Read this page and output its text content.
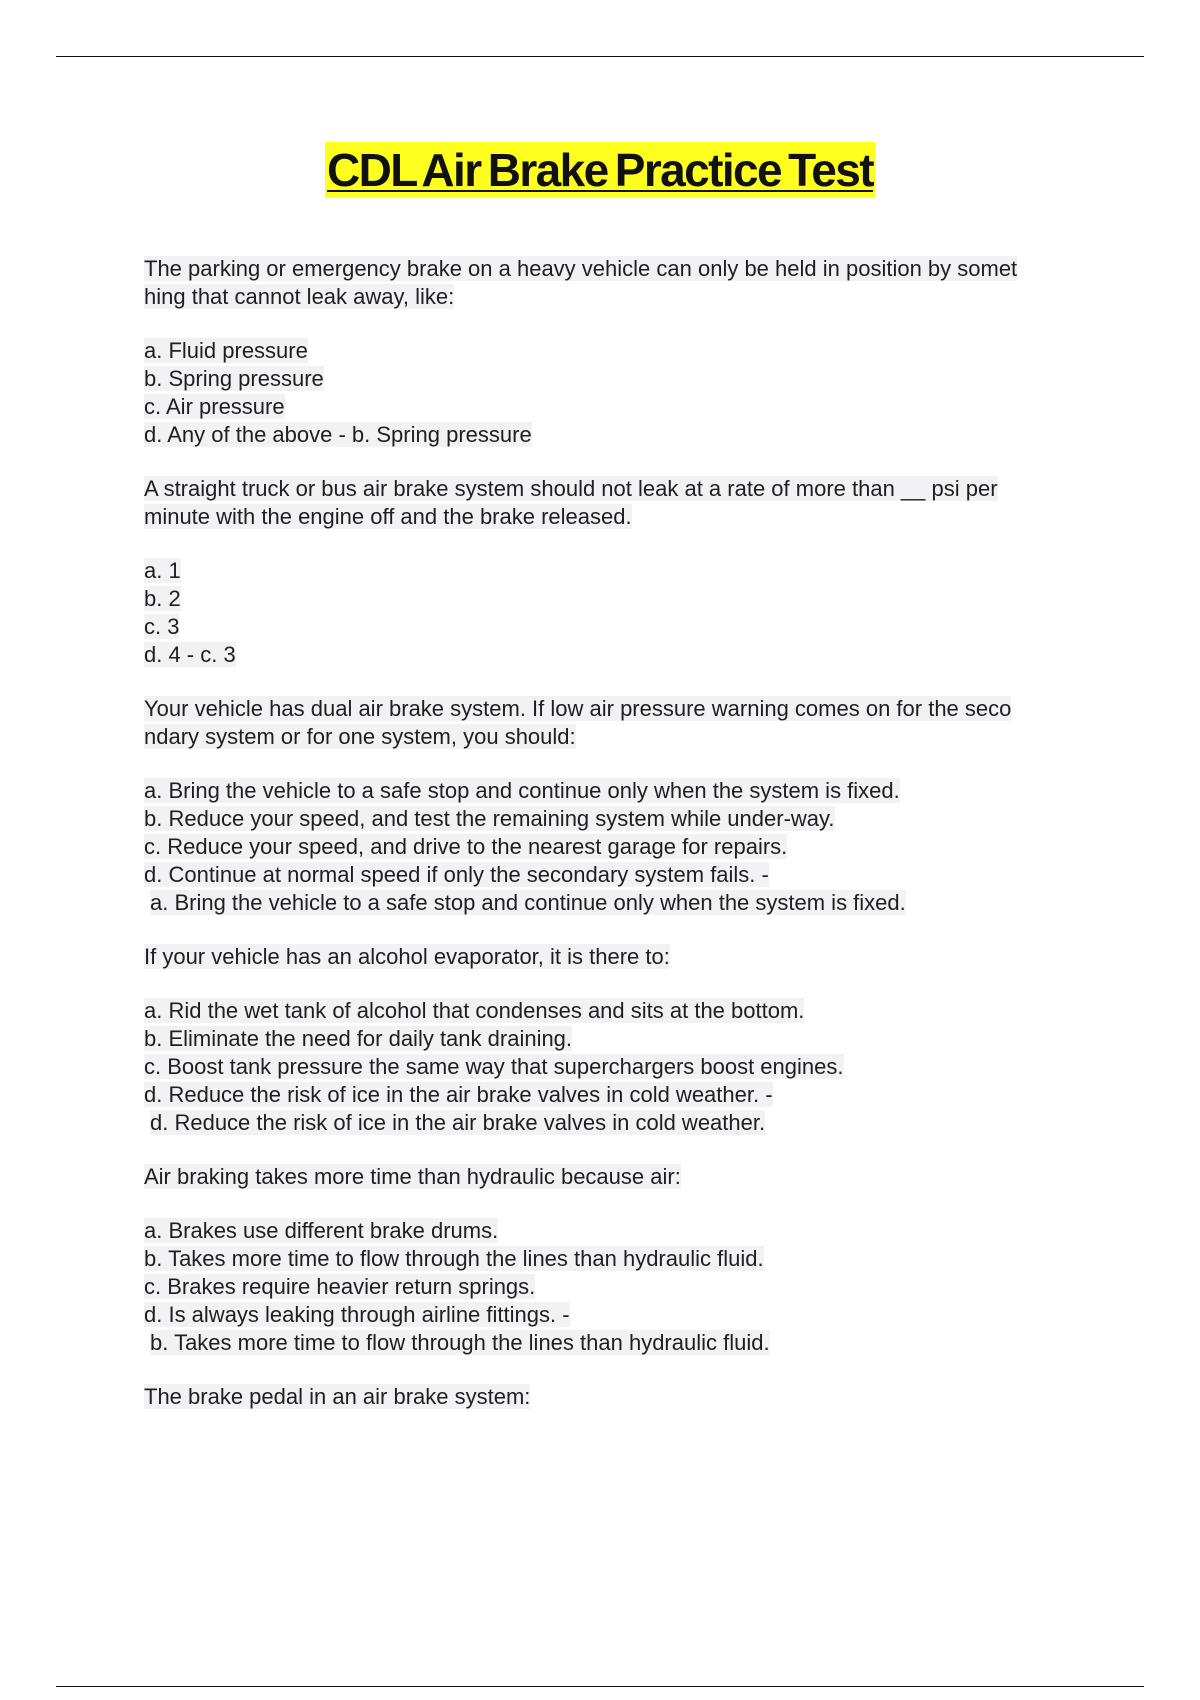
CDL Air Brake Practice Test

The parking or emergency brake on a heavy vehicle can only be held in position by somet

hing that cannot leak away, like:

a. Fluid pressure

b. Spring pressure

c. Air pressure

d. Any of the above - b. Spring pressure

A straight truck or bus air brake system should not leak at a rate of more than __ psi per

minute with the engine off and the brake released.

a. 1

b. 2

c. 3

d. 4 - c. 3

Your vehicle has dual air brake system. If low air pressure warning comes on for the seco

ndary system or for one system, you should:

a. Bring the vehicle to a safe stop and continue only when the system is fixed.

b. Reduce your speed, and test the remaining system while under-way.

c. Reduce your speed, and drive to the nearest garage for repairs.

d. Continue at normal speed if only the secondary system fails. -

a. Bring the vehicle to a safe stop and continue only when the system is fixed.

If your vehicle has an alcohol evaporator, it is there to:

a. Rid the wet tank of alcohol that condenses and sits at the bottom.

b. Eliminate the need for daily tank draining.

c. Boost tank pressure the same way that superchargers boost engines.

d. Reduce the risk of ice in the air brake valves in cold weather. -

d. Reduce the risk of ice in the air brake valves in cold weather.

Air braking takes more time than hydraulic because air:

a. Brakes use different brake drums.

b. Takes more time to flow through the lines than hydraulic fluid.

c. Brakes require heavier return springs.

d. Is always leaking through airline fittings. -

b. Takes more time to flow through the lines than hydraulic fluid.

The brake pedal in an air brake system:
